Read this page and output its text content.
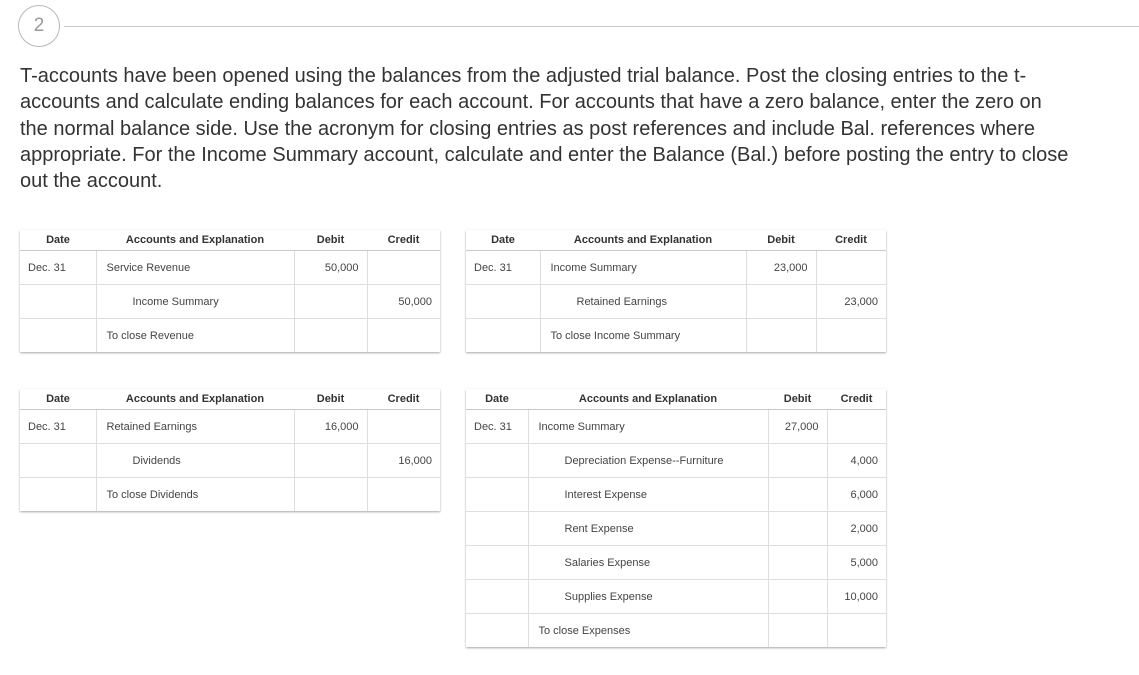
2

T-accounts have been opened using the balances from the adjusted trial balance. Post the closing entries to the t-accounts and calculate ending balances for each account. For accounts that have a zero balance, enter the zero on the normal balance side. Use the acronym for closing entries as post references and include Bal. references where appropriate. For the Income Summary account, calculate and enter the Balance (Bal.) before posting the entry to close out the account.

Date	Accounts and Explanation	Debit	Credit
Dec. 31	Service Revenue	50,000	
	Income Summary		50,000
	To close Revenue		
Date	Accounts and Explanation	Debit	Credit
Dec. 31	Income Summary	23,000	
	Retained Earnings		23,000
	To close Income Summary		
Date	Accounts and Explanation	Debit	Credit
Dec. 31	Retained Earnings	16,000	
	Dividends		16,000
	To close Dividends		
Date	Accounts and Explanation	Debit	Credit
Dec. 31	Income Summary	27,000	
	Depreciation Expense--Furniture		4,000
	Interest Expense		6,000
	Rent Expense		2,000
	Salaries Expense		5,000
	Supplies Expense		10,000
	To close Expenses		
